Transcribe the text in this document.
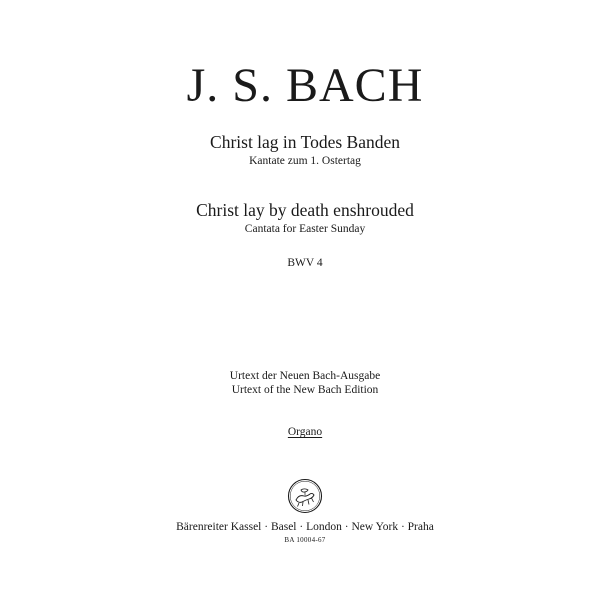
J. S. BACH
Christ lag in Todes Banden
Kantate zum 1. Ostertag
Christ lay by death enshrouded
Cantata for Easter Sunday
BWV 4
Urtext der Neuen Bach-Ausgabe
Urtext of the New Bach Edition
Organo
Bärenreiter Kassel · Basel · London · New York · Praha
BA 10004-67
